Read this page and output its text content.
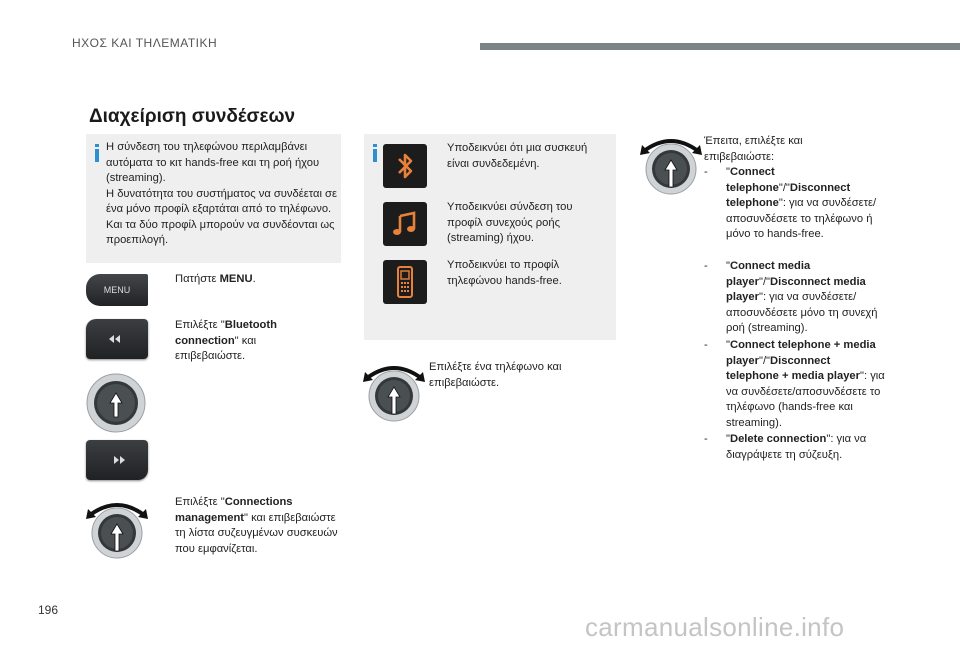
ΗΧΟΣ ΚΑΙ ΤΗΛΕΜΑΤΙΚΗ
Διαχείριση συνδέσεων
Η σύνδεση του τηλεφώνου περιλαμβάνει αυτόματα το κιτ hands-free και τη ροή ήχου (streaming).
Η δυνατότητα του συστήματος να συνδέεται σε ένα μόνο προφίλ εξαρτάται από το τηλέφωνο. Και τα δύο προφίλ μπορούν να συνδέονται ως προεπιλογή.
MENU
Πατήστε MENU.
Επιλέξτε "Bluetooth connection" και επιβεβαιώστε.
Επιλέξτε "Connections management" και επιβεβαιώστε τη λίστα συζευγμένων συσκευών που εμφανίζεται.
Υποδεικνύει ότι μια συσκευή είναι συνδεδεμένη.
Υποδεικνύει σύνδεση του προφίλ συνεχούς ροής (streaming) ήχου.
Υποδεικνύει το προφίλ τηλεφώνου hands-free.
Επιλέξτε ένα τηλέφωνο και επιβεβαιώστε.
Έπειτα, επιλέξτε και επιβεβαιώστε:
- "Connect telephone"/"Disconnect telephone": για να συνδέσετε/αποσυνδέσετε το τηλέφωνο ή μόνο το hands-free.
- "Connect media player"/"Disconnect media player": για να συνδέσετε/αποσυνδέσετε μόνο τη συνεχή ροή (streaming).
- "Connect telephone + media player"/"Disconnect telephone + media player": για να συνδέσετε/αποσυνδέσετε το τηλέφωνο (hands-free και streaming).
- "Delete connection": για να διαγράψετε τη σύζευξη.
196
carmanualsonline.info
